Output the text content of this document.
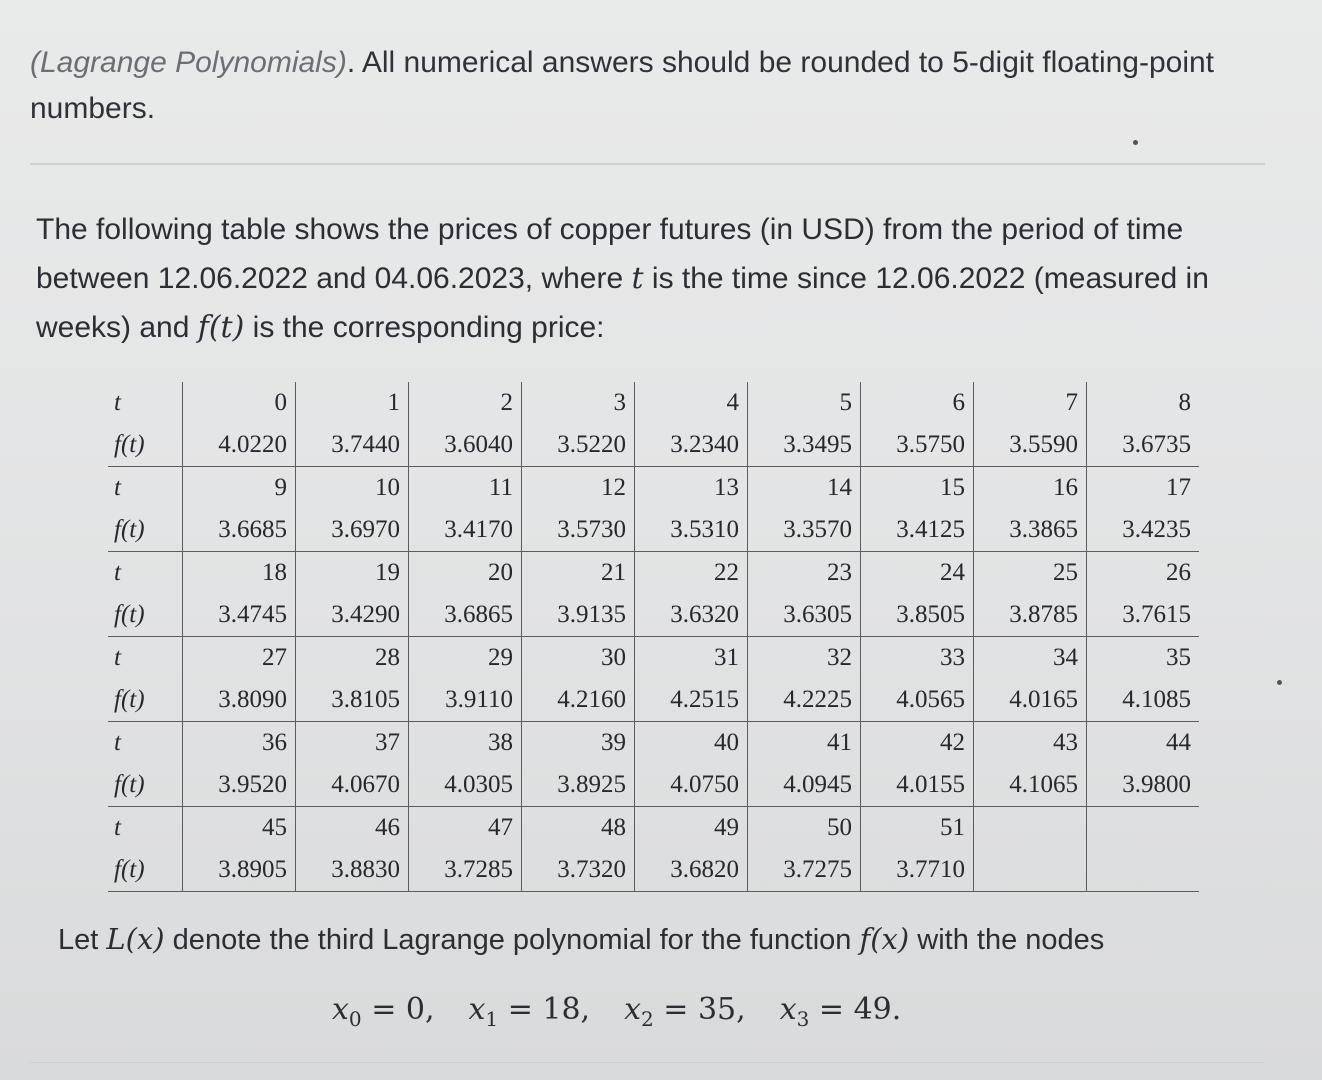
(Lagrange Polynomials). All numerical answers should be rounded to 5-digit floating-point numbers.
The following table shows the prices of copper futures (in USD) from the period of time between 12.06.2022 and 04.06.2023, where t is the time since 12.06.2022 (measured in weeks) and f(t) is the corresponding price:
t	0	1	2	3	4	5	6	7	8
f(t)	4.0220	3.7440	3.6040	3.5220	3.2340	3.3495	3.5750	3.5590	3.6735
t	9	10	11	12	13	14	15	16	17
f(t)	3.6685	3.6970	3.4170	3.5730	3.5310	3.3570	3.4125	3.3865	3.4235
t	18	19	20	21	22	23	24	25	26
f(t)	3.4745	3.4290	3.6865	3.9135	3.6320	3.6305	3.8505	3.8785	3.7615
t	27	28	29	30	31	32	33	34	35
f(t)	3.8090	3.8105	3.9110	4.2160	4.2515	4.2225	4.0565	4.0165	4.1085
t	36	37	38	39	40	41	42	43	44
f(t)	3.9520	4.0670	4.0305	3.8925	4.0750	4.0945	4.0155	4.1065	3.9800
t	45	46	47	48	49	50	51		
f(t)	3.8905	3.8830	3.7285	3.7320	3.6820	3.7275	3.7710		
Let L(x) denote the third Lagrange polynomial for the function f(x) with the nodes
$x_0 = 0$, $x_1 = 18$, $x_2 = 35$, $x_3 = 49$.
